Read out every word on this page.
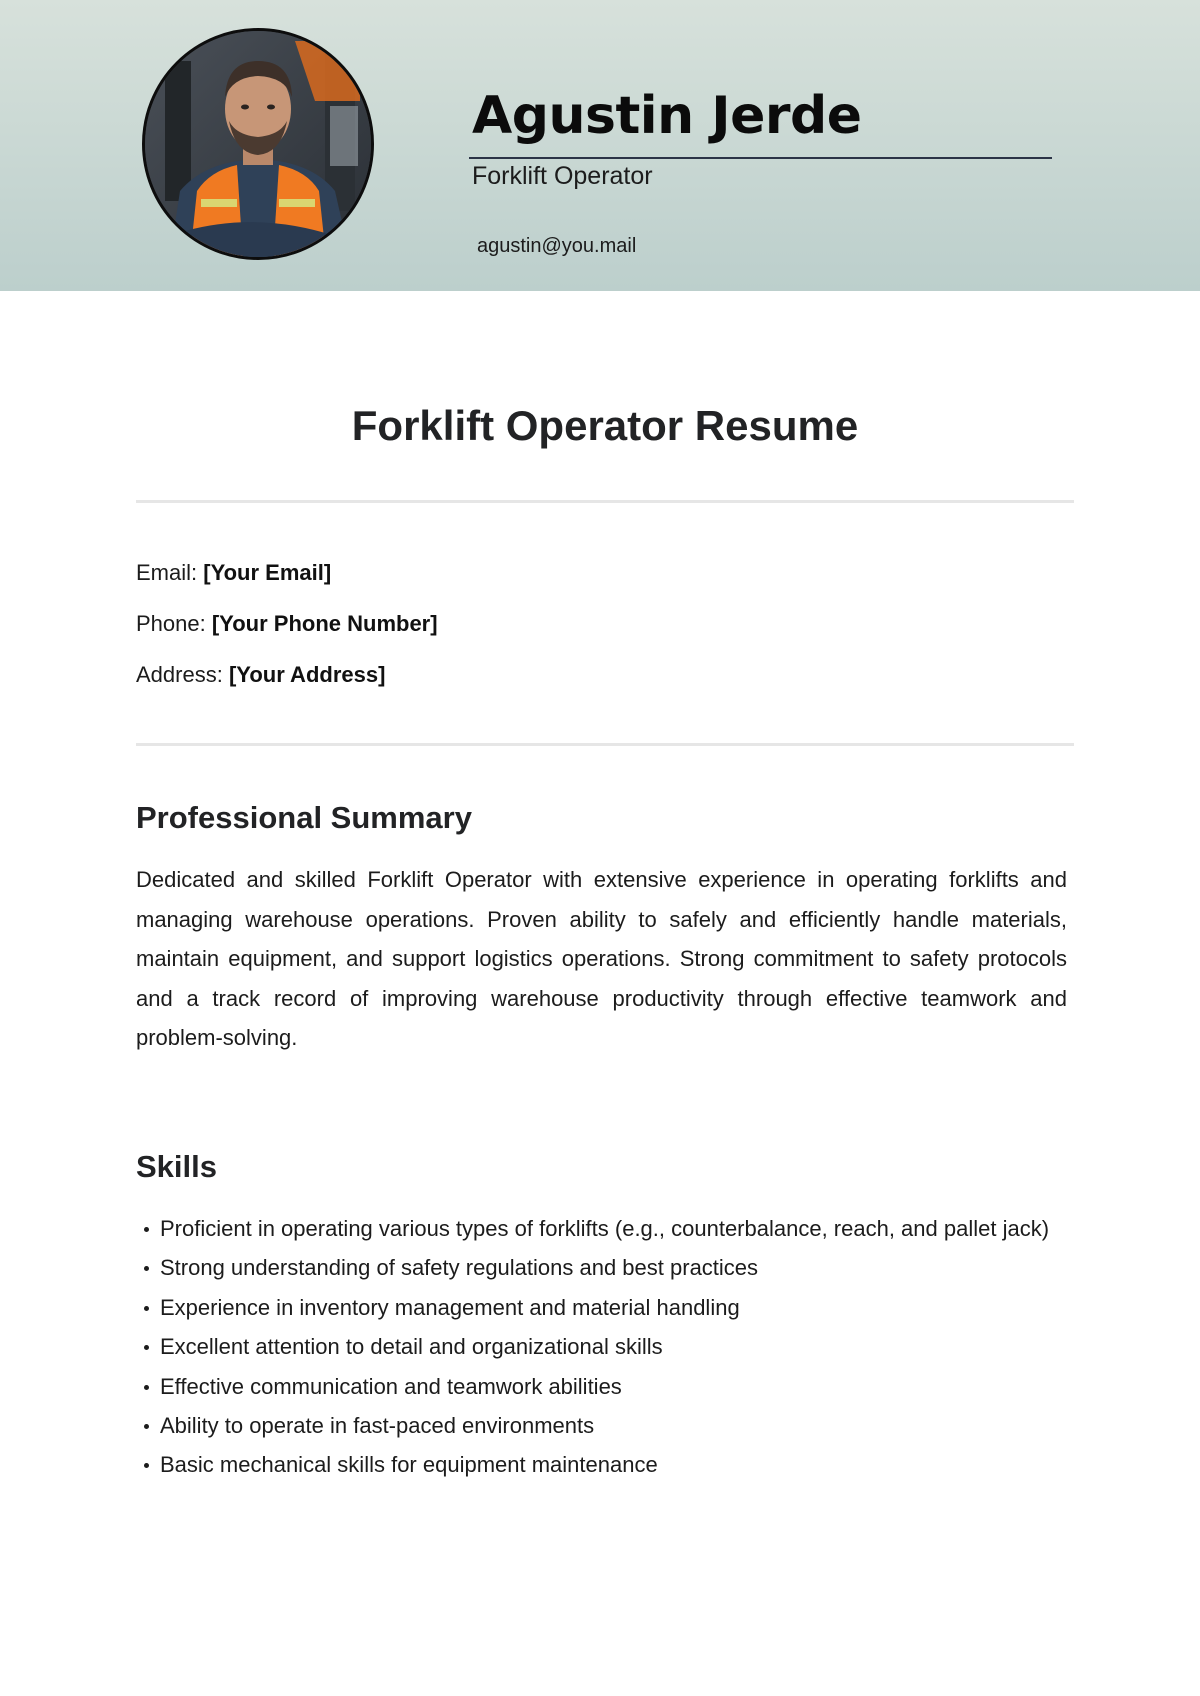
Agustin Jerde
Forklift Operator
agustin@you.mail
Forklift Operator Resume
Email: [Your Email]
Phone: [Your Phone Number]
Address: [Your Address]
Professional Summary

Dedicated and skilled Forklift Operator with extensive experience in operating forklifts and managing warehouse operations. Proven ability to safely and efficiently handle materials, maintain equipment, and support logistics operations. Strong commitment to safety protocols and a track record of improving warehouse productivity through effective teamwork and problem-solving.

Skills
Proficient in operating various types of forklifts (e.g., counterbalance, reach, and pallet jack)
Strong understanding of safety regulations and best practices
Experience in inventory management and material handling
Excellent attention to detail and organizational skills
Effective communication and teamwork abilities
Ability to operate in fast-paced environments
Basic mechanical skills for equipment maintenance
